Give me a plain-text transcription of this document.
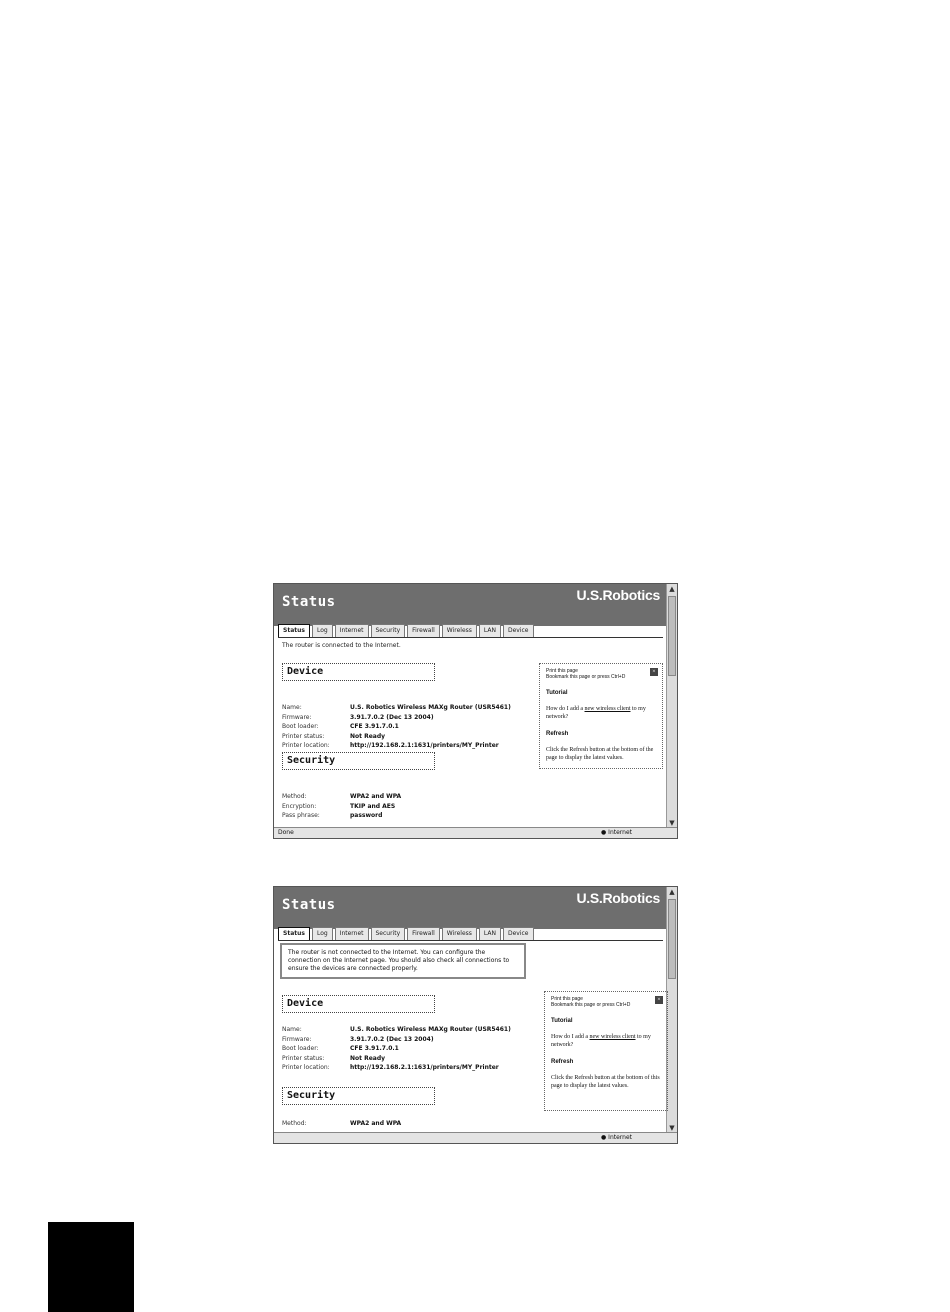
Status	U.S.Robotics	▲
▼
Status	Log	Internet	Security	Firewall	Wireless	LAN	Device
The router is connected to the Internet.
Device
Name:	U.S. Robotics Wireless MAXg Router (USR5461)
Firmware:	3.91.7.0.2 (Dec 13 2004)
Boot loader:	CFE 3.91.7.0.1
Printer status:	Not Ready
Printer location:	http://192.168.2.1:1631/printers/MY_Printer
Security
Method:	WPA2 and WPA
Encryption:	TKIP and AES
Pass phrase:	password
×
Print this page
Bookmark this page or press Ctrl+D
Tutorial
How do I add a new wireless client to my network?
Refresh
Click the Refresh button at the bottom of the page to display the latest values.
Done	● Internet
Status	U.S.Robotics	▲
▼
Status	Log	Internet	Security	Firewall	Wireless	LAN	Device
The router is not connected to the Internet. You can configure the connection on the Internet page. You should also check all connections to ensure the devices are connected properly.
Device
Name:	U.S. Robotics Wireless MAXg Router (USR5461)
Firmware:	3.91.7.0.2 (Dec 13 2004)
Boot loader:	CFE 3.91.7.0.1
Printer status:	Not Ready
Printer location:	http://192.168.2.1:1631/printers/MY_Printer
Security
Method:	WPA2 and WPA
×
Print this page
Bookmark this page or press Ctrl+D
Tutorial
How do I add a new wireless client to my network?
Refresh
Click the Refresh button at the bottom of this page to display the latest values.
● Internet
